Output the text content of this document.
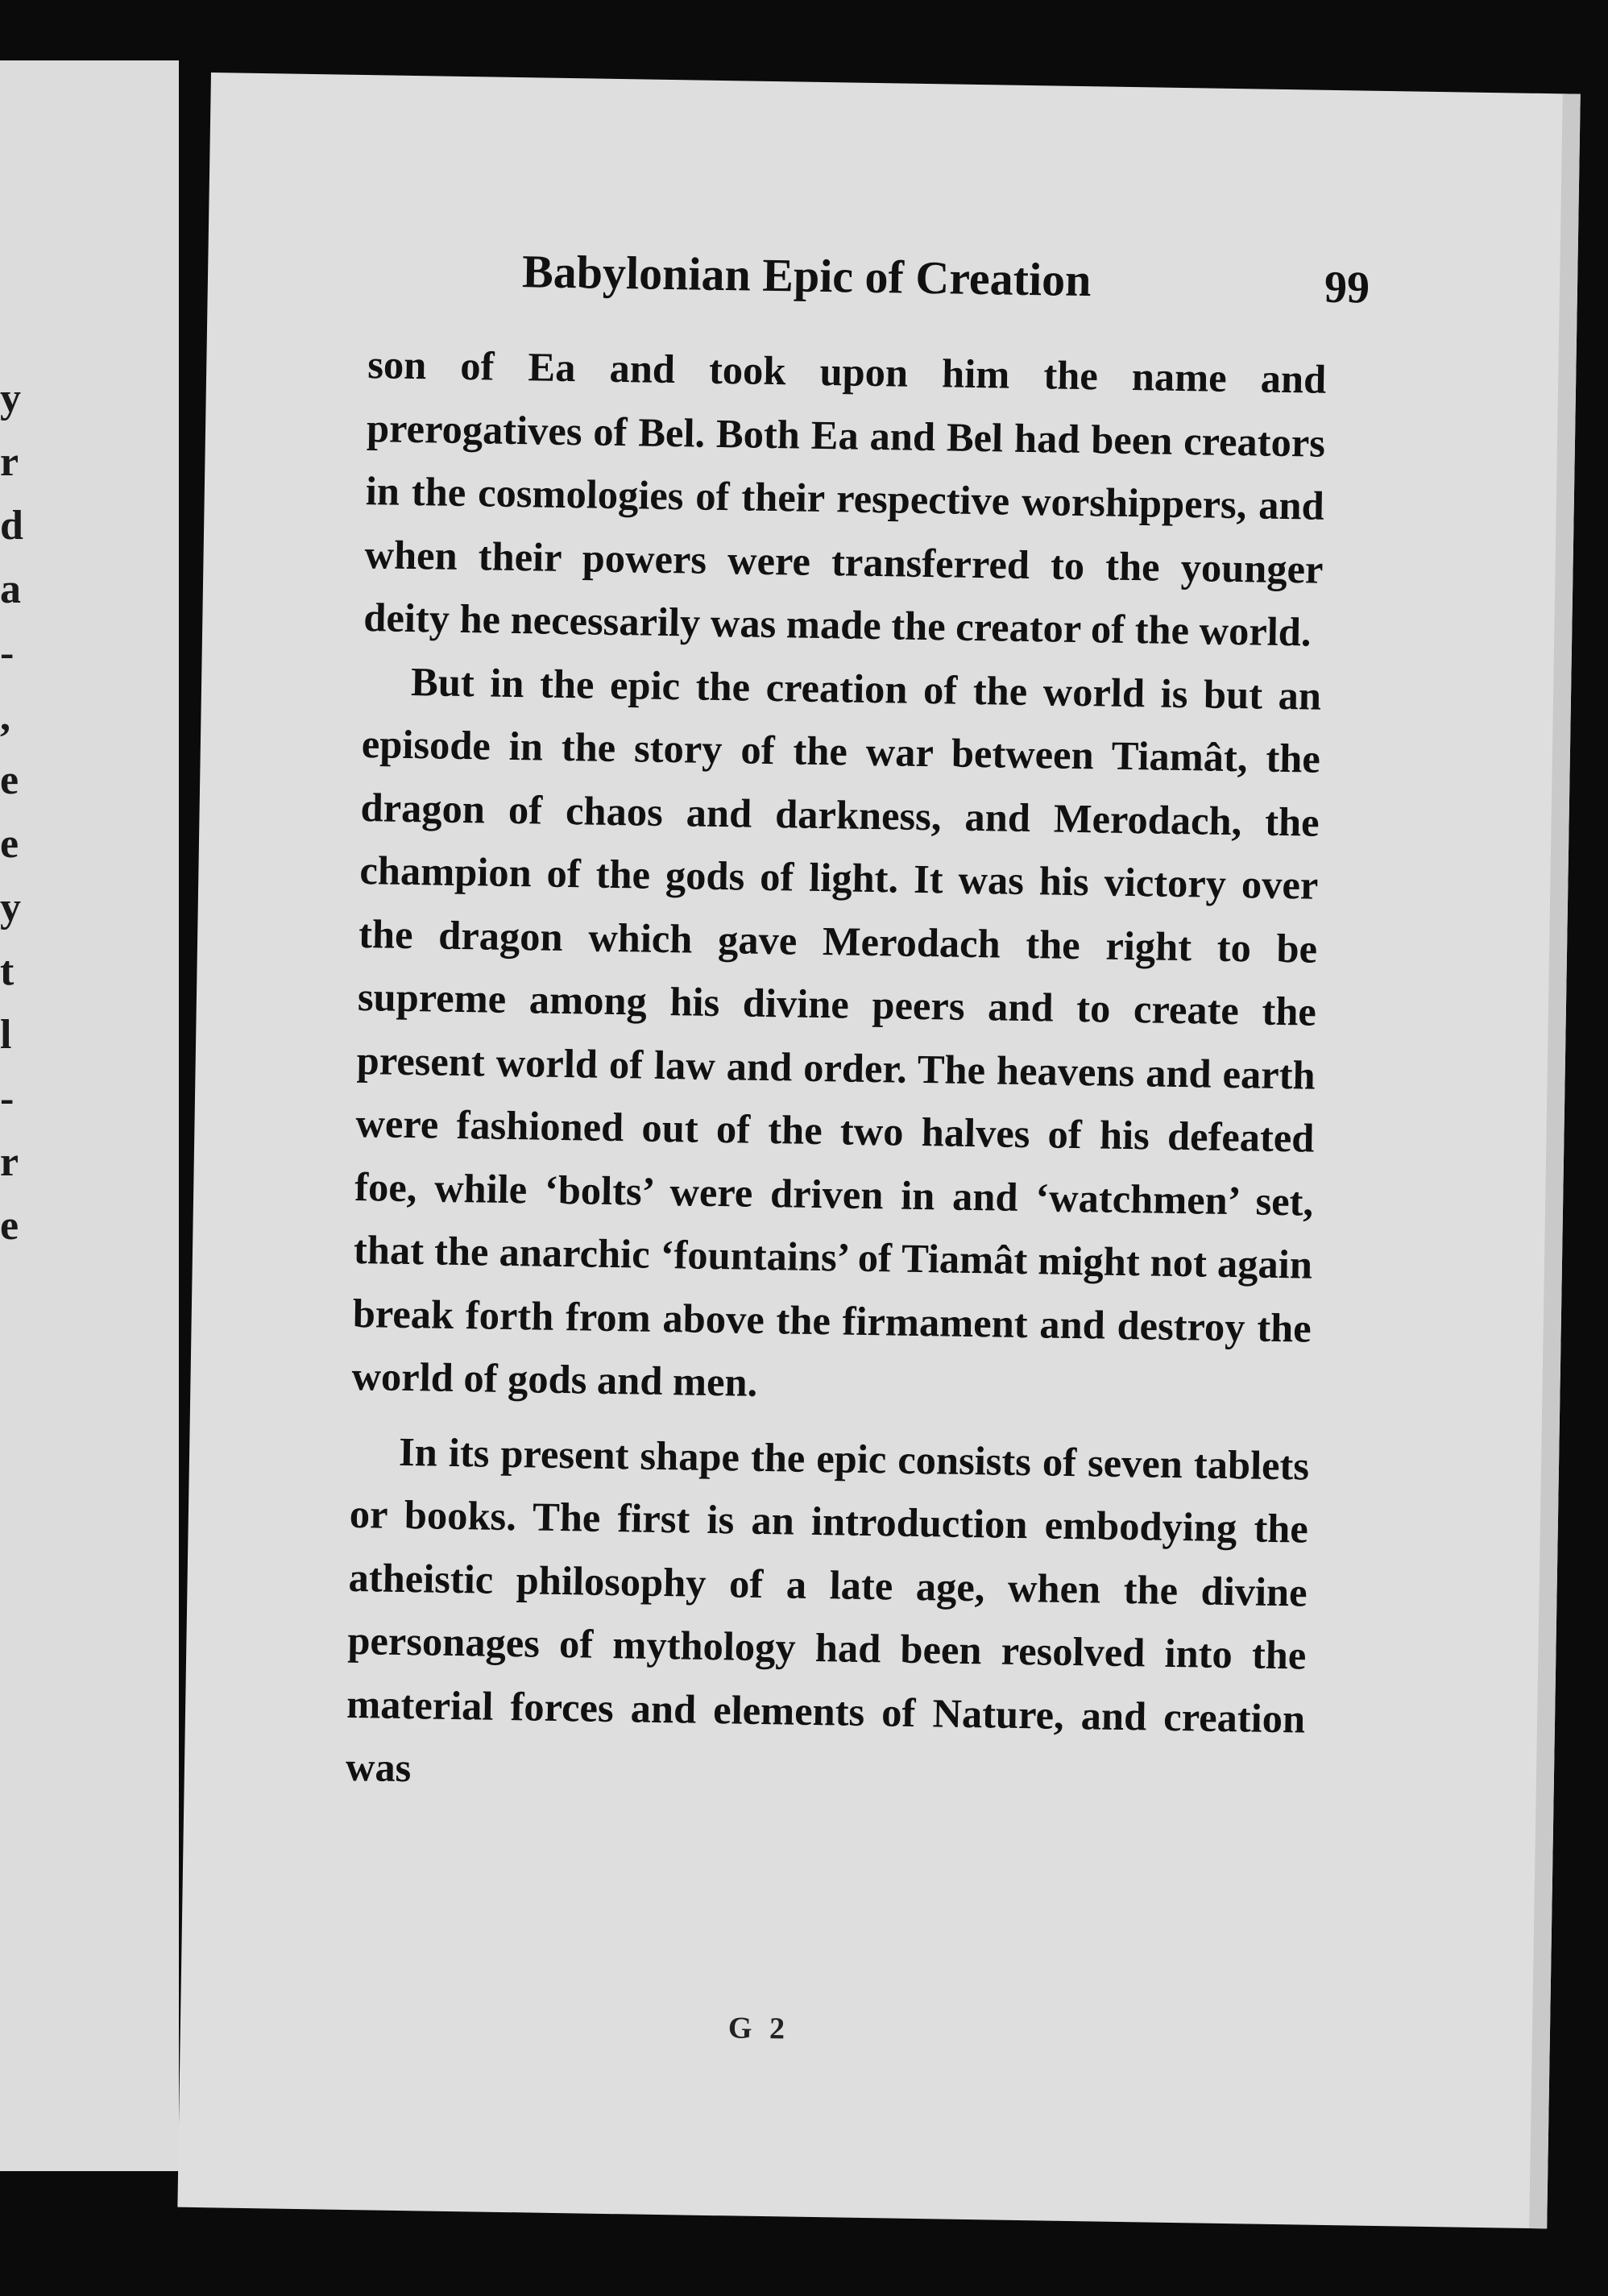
y
r
d
a
-
,
e
e
y
t
l
-
r
e
Babylonian Epic of Creation	99

son of Ea and took upon him the name and prerogatives of Bel. Both Ea and Bel had been creators in the cosmologies of their respective worshippers, and when their powers were transferred to the younger deity he necessarily was made the creator of the world.

But in the epic the creation of the world is but an episode in the story of the war between Tiamât, the dragon of chaos and darkness, and Merodach, the champion of the gods of light. It was his victory over the dragon which gave Merodach the right to be supreme among his divine peers and to create the present world of law and order. The heavens and earth were fashioned out of the two halves of his defeated foe, while ‘bolts’ were driven in and ‘watchmen’ set, that the anarchic ‘fountains’ of Tiamât might not again break forth from above the firmament and destroy the world of gods and men.

In its present shape the epic consists of seven tablets or books. The first is an introduction embodying the atheistic philosophy of a late age, when the divine personages of mythology had been resolved into the material forces and elements of Nature, and creation was

G 2
